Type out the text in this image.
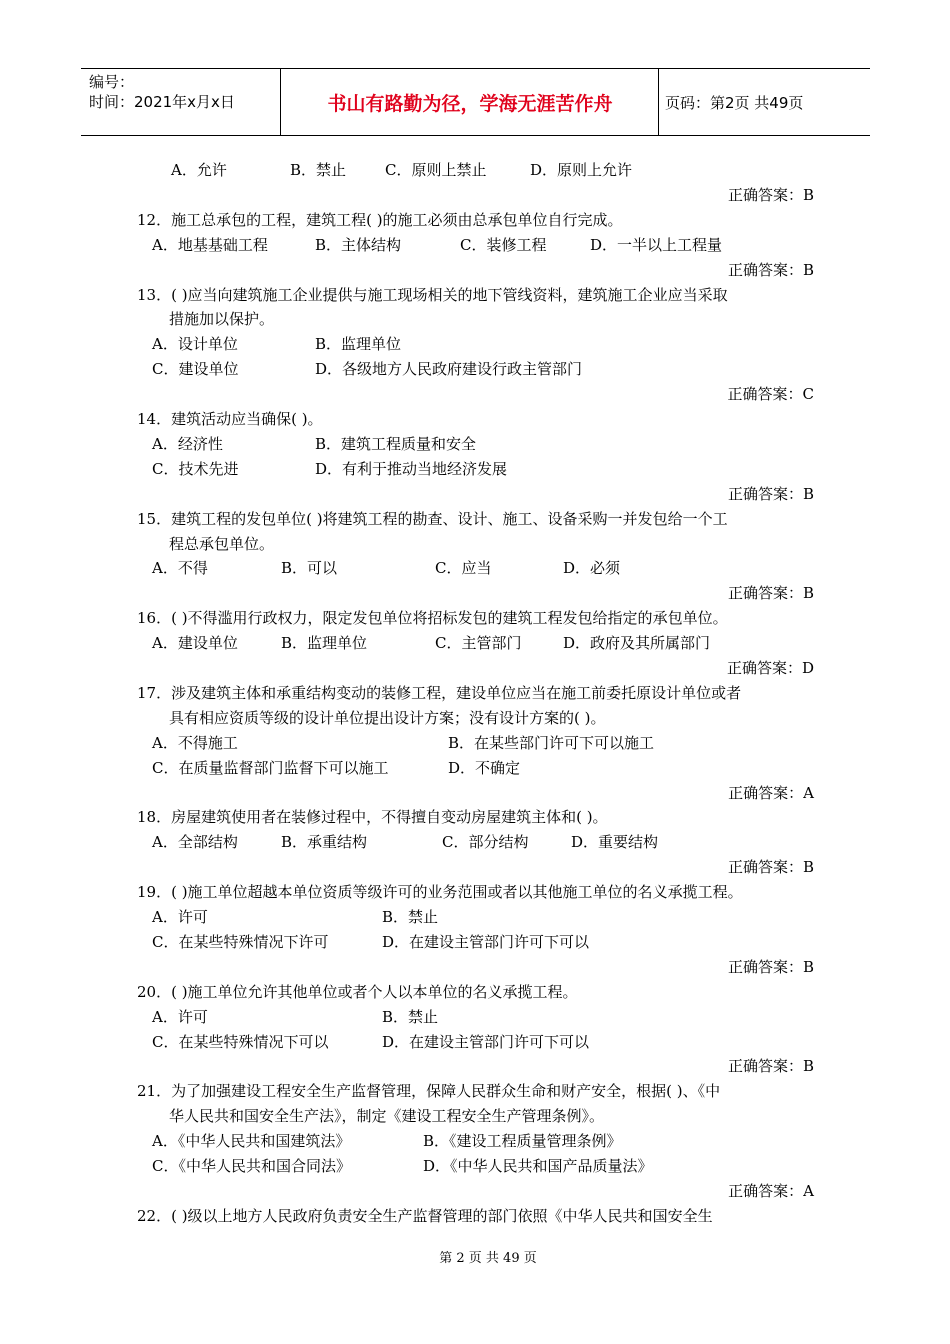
编号：
时间：2021年x月x日	书山有路勤为径，学海无涯苦作舟	页码：第2页 共49页
A．允许	B．禁止	C．原则上禁止	D．原则上允许
正确答案：B
12．施工总承包的工程，建筑工程( )的施工必须由总承包单位自行完成。
A．地基基础工程	B．主体结构	C．装修工程	D．一半以上工程量
正确答案：B
13．( )应当向建筑施工企业提供与施工现场相关的地下管线资料，建筑施工企业应当采取
措施加以保护。
A．设计单位	B．监理单位
C．建设单位	D．各级地方人民政府建设行政主管部门
正确答案：C
14．建筑活动应当确保( )。
A．经济性	B．建筑工程质量和安全
C．技术先进	D．有利于推动当地经济发展
正确答案：B
15．建筑工程的发包单位( )将建筑工程的勘查、设计、施工、设备采购一并发包给一个工
程总承包单位。
A．不得	B．可以	C．应当	D．必须
正确答案：B
16．( )不得滥用行政权力，限定发包单位将招标发包的建筑工程发包给指定的承包单位。
A．建设单位	B．监理单位	C．主管部门	D．政府及其所属部门
正确答案：D
17．涉及建筑主体和承重结构变动的装修工程，建设单位应当在施工前委托原设计单位或者
具有相应资质等级的设计单位提出设计方案；没有设计方案的( )。
A．不得施工	B．在某些部门许可下可以施工
C．在质量监督部门监督下可以施工	D．不确定
正确答案：A
18．房屋建筑使用者在装修过程中，不得擅自变动房屋建筑主体和( )。
A．全部结构	B．承重结构	C．部分结构	D．重要结构
正确答案：B
19．( )施工单位超越本单位资质等级许可的业务范围或者以其他施工单位的名义承揽工程。
A．许可	B．禁止
C．在某些特殊情况下许可	D．在建设主管部门许可下可以
正确答案：B
20．( )施工单位允许其他单位或者个人以本单位的名义承揽工程。
A．许可	B．禁止
C．在某些特殊情况下可以	D．在建设主管部门许可下可以
正确答案：B
21．为了加强建设工程安全生产监督管理，保障人民群众生命和财产安全，根据( )、《中
华人民共和国安全生产法》，制定《建设工程安全生产管理条例》。
A．《中华人民共和国建筑法》	B．《建设工程质量管理条例》
C．《中华人民共和国合同法》	D．《中华人民共和国产品质量法》
正确答案：A
22．( )级以上地方人民政府负责安全生产监督管理的部门依照《中华人民共和国安全生
第 2 页 共 49 页
